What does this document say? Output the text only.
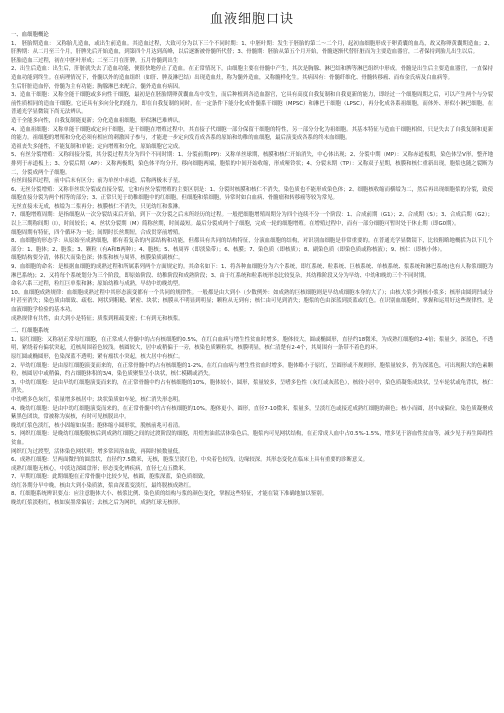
血液细胞口诀
一、血细胞概论

1、 胚胎期造血： 又称胎儿造血，或出生前造血。其造血过程，大致可分为以下三个不同时期：1、中胚叶期：发生于胚胎的第二～二个月，起初血细胞形成于卵黄囊的血岛，故又称卵黄囊期造血；2、肝脾期：从二月至三个月，肝脾先后开始造血，到第四个月达到高峰，以后逐渐被骨髓所代替；3、骨髓期：胚胎从第五个月开始，骨髓逐渐代替肝脏而为主要造血器官，二者保持到胎儿出生以后。

胚胎造血三过程，初在中胚叶形成；二至三月在肝脾，五月骨髓到出生

2、出生后造血：出生后，肝脏就失去了造血功能，便很快地停止了造血。在正常情况下，由细胞主要在骨髓中产生，其次是胸腺、淋巴结和脾等淋巴组织中形成。骨髓是出生后主要造血器官，一直保持造血功能到终生。在病理情况下，骨髓以外的造血组织（如肝、脾及淋巴结）出现造血灶，称为髓外造血，又称髓样化生。其病因有：骨髓纤维化、骨髓转移癌、而布金氏病及白血病等。

生后肝脏造血停，骨髓为主有功能；胸腺淋巴来配合，髓外造血有病因。

3、造血干细胞：又称全能干细胞或多向性干细胞，最初是在胚胎期卵黄囊血岛中发生，而后种植到各造血器官，它具有高度自我复制和自我更新的能力，即经过一个细胞周期之后，可以产生两个与分裂前性质相同的造血干细胞。它还具有多向分化的能力，即在自我复制的同时，在一定条件下能分化成骨髓系干细胞（MPSC）和淋巴干细胞（LPSC），再分化成各系祖细胞，而体外、形似小淋巴细胞，在普通光学显微镜下尚无法辨认。

造干全能多向性，自我复制能更新；分化造血祖细胞，形似淋巴难辨认。

4、造血祖细胞：又称单能干细胞或定向干细胞，是干细胞在增殖过程中，其直接子代细胞一部分保留干细胞的特性，另一部分分化为祖细胞。其基本特征与造血干细胞相似，只是失去了自我复制和更新的能力。祖细胞的增殖和分化必须有相应的刺激因子参与，才能进一步定向发育成各系的原始和幼稚的血细胞，最后演变成各系的终末血细胞。

造祖丧失多能性，不能复制和单能；定向增殖和分化，原始细胞它完成。

5、有丝分裂增殖：又称间接分裂，其分裂过程共分为四个不同时期：1、分裂前期(PP)：又称单丝球期，核膜和核仁开始消失，中心体出现；2、分裂中期（MP）：又称赤道板期，染色体呈V形，整齐地排列于赤道板上；3、分裂后期（AP）：又称两极期，染色体平均分开，移向细胞两端，胞浆的中间开始收缩，形成哑铃状；4、分裂末期（TP）：又称双子星期，核膜和核仁重新出现，胞浆也随之裂断为二，分裂成两个子细胞。

有丝间接四过程，前中后末有区分；前为单丝中赤道，后称两极末子星。

6、无丝分裂增殖：又称非丝状分裂或直接分裂，它和有丝分裂增殖的主要区别是：1、分裂时核膜和核仁不消失，染色质也不能形成染色体；2、细胞核收缩而横缢为二，然后再出现细胞浆的分裂，致使细胞直接分裂为两个相等的部分；3、正常只见于幼稚细胞中的红细胞，但细胞和浆细胞，异常时如白血病、骨髓瘤和转移癌等较为常见。

无丝直接未无成，核缢为二浆再分；核膜核仁不消失，只见幼红和浆淋。

7、细胞增殖周期：是指细胞从一次分裂结束后开始，到下一次分裂之后末所经历的过程。一般把细胞增殖周期分为四个连续不分一个阶段：1、合成前期（G1）；2、合成期（S）；3、合成后期（G2）；以上三期称间期（I），时间较长；4、丝状分裂期（M）简称丝期，时间最短。最后分裂成两个子细胞，完成一轮的细胞增殖。在增殖过程中，而有一部分细胞可暂时处于休止期（即G0期）。

细胞周期有特征，四个循环为一轮；间期时长丝期短，合成贯穿前增殖。

8、血细胞的形态学：从原始至成熟细胞，都有着复杂的内部结构和功能，但都具有共同的结构特征，分演血细胞的结构，对识别血细胞是非常重要的。在普通光学显微镜下，比较粗略地概括为以下几个部分：1、胞体；2、胞浆；3、颗粒（有A和B两种）；4、胞核；5、核周界（即淡染带）；6、核膜；7、染色质（即核质）；8、副染色质（即染色质或称核液）；9、核仁（即核小体）。

细胞结构要分清，体积大而染色深；体浆和核与周界，核膜染质副核仁。

9、血细胞的命名：是根据血细胞的成熟过程和所属系列两个方面规定的。其命名如下：1、将各种血细胞分为六个系统，即红系统、粒系统、巨核系统、单核系统、浆系统和淋巴系统(也有人称浆细胞为淋巴系统)；2、又将每个系统划分为三个阶段，即原始阶段、幼稚阶段和成熟阶段；3、由于红系统和粒系统形态比较复杂，其幼稚阶段又分为早幼、中幼和晚幼三个不同时期。

命名六系三过程，粒红巨单浆和淋；原始幼稚与成熟，早幼中幼晚幼型。

10、血细胞成熟规律：血细胞成熟过程中其形态演变都有一个共同的规律性。一般都是由大到小（少数例外：如成熟的巨核细胞则是早幼成细胞本身的大了）；由核大浆少到核小浆多；核形由圆到凹或分叶甚至消失；染色质由细致、疏松、网状到粗糙、紧密、块状；核膜从不明显到明显；颗粒从无到有；核仁由可见到消失；胞浆的色由深蓝到淡蓝或红色。在识别血细胞时，掌握和运用好这些规律性，是血液细胞学检验的基本功。

成熟规律有共性，由大到小是特征；质浆到粗疏变密；仁有到无和核浆。

二、红细胞系统

1、原红细胞：又称初正常母红细胞，在正常成人骨髓中的占有核细胞的0.5%，在红白血病与增生性贫血时增多。胞体较大，圆或椭圆形，直径约18微米，为成熟红细胞的2-4倍；浆量少，深蓝色，不透明，紧绕着有偏状突起，近核周围着色较浅。核圆较大，居中或稍偏于一旁，核染色质颗粒状，核膜明显，核仁清楚有2-4个，其周围有一条带不着色的环。

原红圆或椭圆形，色染深蓝不透明；紧有瘤状小突起，核大居中有核仁。

2、早幼红细胞：是由原红细胞演变而来的，在正常骨髓中约占有核细胞的1-2%，在红白血病与增生性贫血时增多。胞体略小于原红，呈圆形或不规则形，胞浆量较多，仍为深蓝色，可出现粗大的色素颗粒，核圆居中或稍偏，约占细胞体积的3/4，染色质聚集呈小块状，核仁模糊或消失。

3、中幼红细胞：是由早幼红细胞演变而来的，在正常骨髓中约占有核细胞的10%，胞体较小，圆形，浆量较多，呈嗜多色性（灰红或灰蓝色），核较小居中，染色质凝集成块状，呈车轮状或龟背状，核仁消失。

中幼嗜多色灰红，浆量增多核居中；块状染质如车轮，核仁消失形态明。

4、晚幼红细胞：是由中幼红细胞演变而来的，在正常骨髓中约占有核细胞的10%。胞体更小，圆形，直径7-10微米，浆量多，呈淡红色或接近成熟红细胞的颜色；核小而圆，居中或偏位，染色质凝聚成紫黑色团块，常被称为炭核，有时可见核脱出中。

晚幼红浆色淡红，核小固缩如炭墨；胞体缩小圆形状，脱核前兆可看清。

5、网织红细胞：是晚幼红细胞脱核后到成熟红细胞之间的过渡阶段的细胞，用煌焦油蓝活体染色后，胞浆内可见网状结构，在正常成人血中占0.5%-1.5%，增多见于溶血性贫血等，减少见于再生障碍性贫血。

网织红为过渡型，活体染色网状明；增多常因溶血致，再障时候数量低。

6、成熟红细胞：呈两面微凹的圆盘状，直径约7.5微米，无核，胞浆呈淡红色，中央着色较浅，边缘较深。其形态变化在临床上具有重要的诊断意义。

成熟红细胞无核心，中淡边深圆盘形；形态变化辨疾病，直径七点五微米。

7、早期红细胞：此期细胞在正常骨髓中比较少见，核圆，胞浆深蓝，染色质细致。

幼红各期分早中晚，核由大到小染质浓，浆由深蓝变淡红，最终脱核成熟红。

8、红细胞系统辨识要点：应注意胞体大小、核浆比例、染色质的结构与浆的颜色变化，掌握这些特征，才能在镜下准确地加以鉴别。

晚幼红浆淡粉红，核如炭墨常偏居；去核之后为网织，成熟红球无核形。
